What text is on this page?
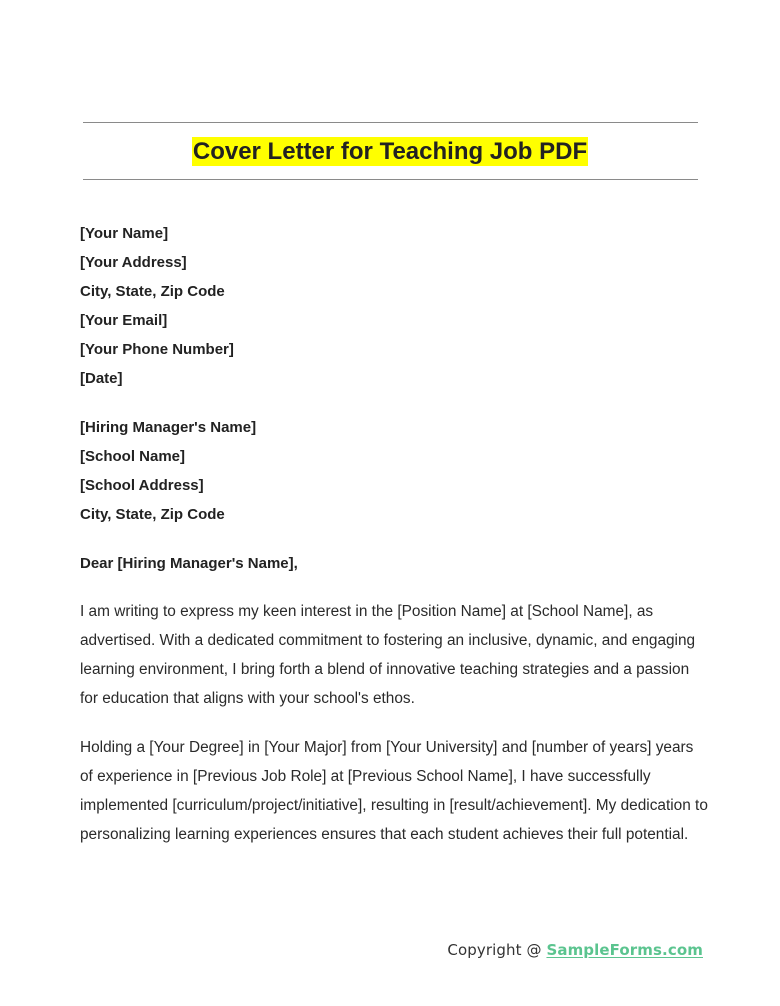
Cover Letter for Teaching Job PDF
[Your Name]
[Your Address]
City, State, Zip Code
[Your Email]
[Your Phone Number]
[Date]
[Hiring Manager's Name]
[School Name]
[School Address]
City, State, Zip Code
Dear [Hiring Manager's Name],

I am writing to express my keen interest in the [Position Name] at [School Name], as advertised. With a dedicated commitment to fostering an inclusive, dynamic, and engaging learning environment, I bring forth a blend of innovative teaching strategies and a passion for education that aligns with your school's ethos.

Holding a [Your Degree] in [Your Major] from [Your University] and [number of years] years of experience in [Previous Job Role] at [Previous School Name], I have successfully implemented [curriculum/project/initiative], resulting in [result/achievement]. My dedication to personalizing learning experiences ensures that each student achieves their full potential.

Copyright @ SampleForms.com
